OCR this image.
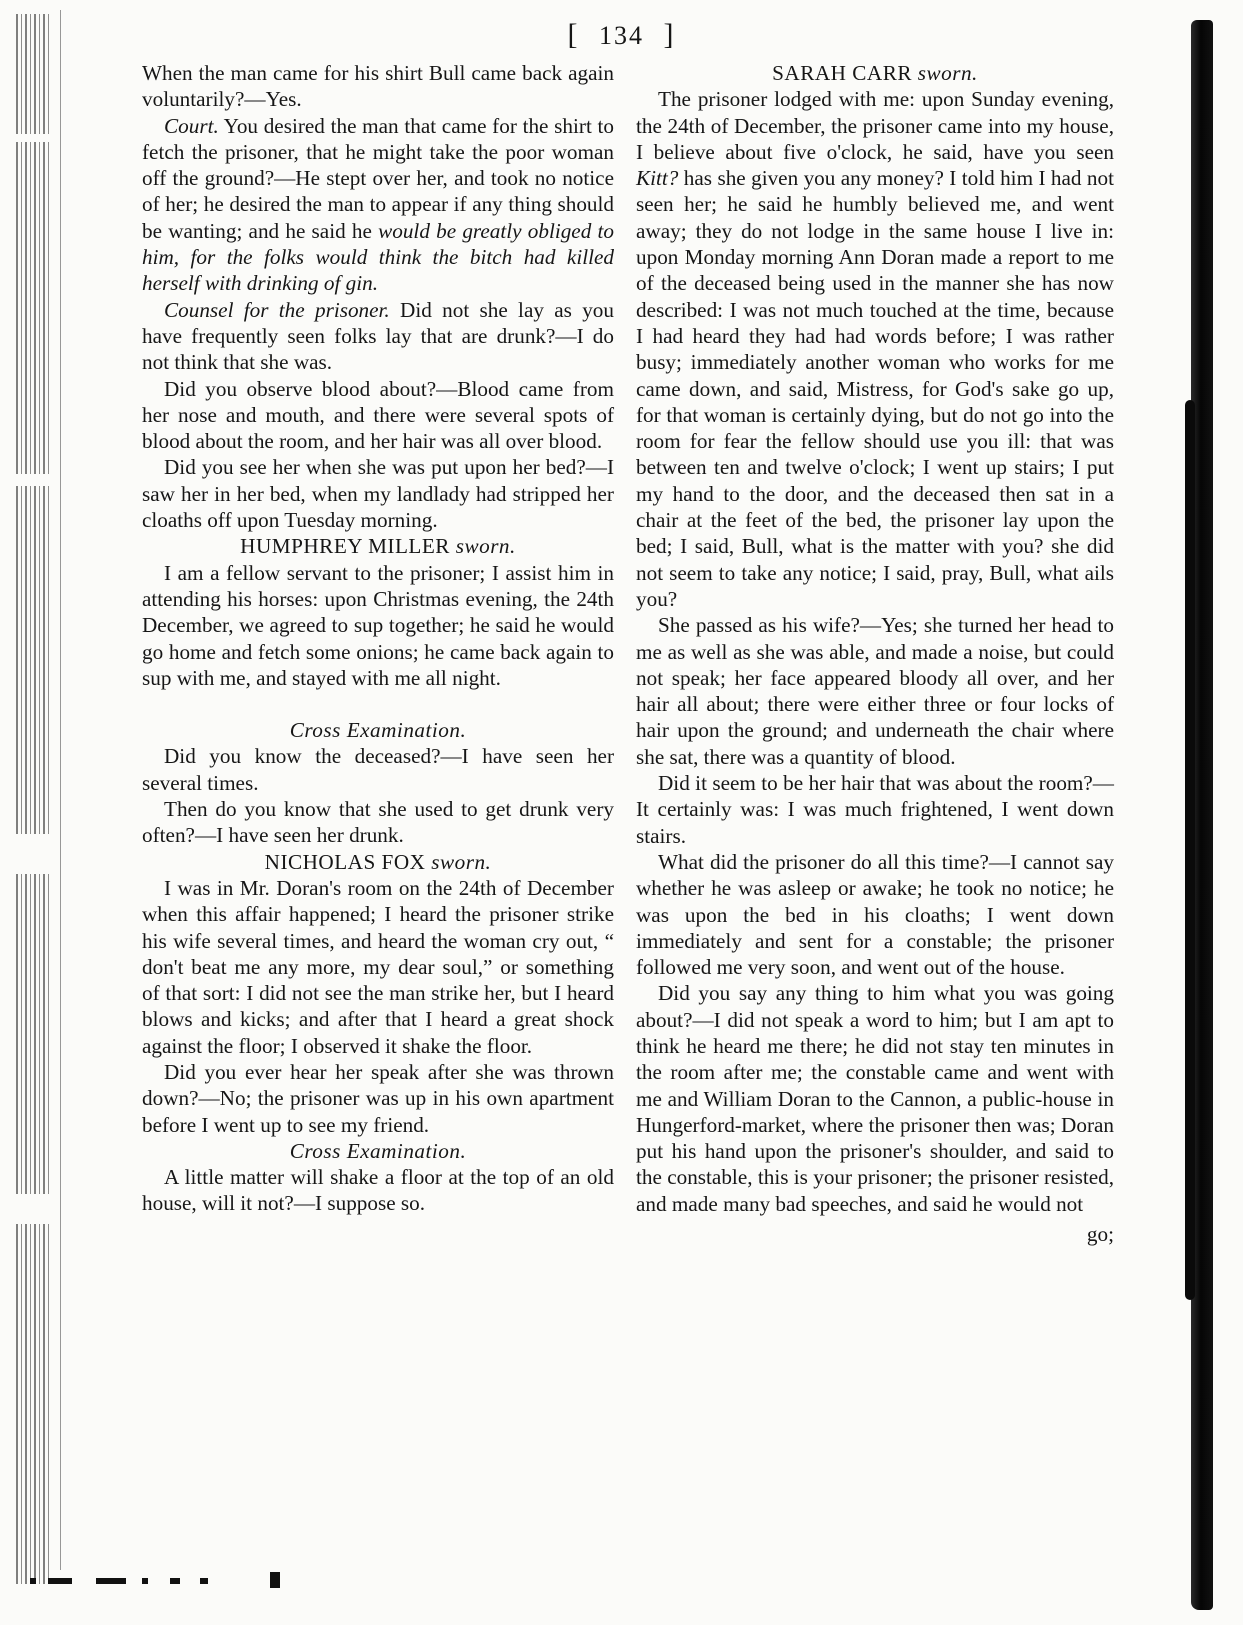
[ 134 ]

When the man came for his shirt Bull came back again voluntarily?—Yes.

Court. You desired the man that came for the shirt to fetch the prisoner, that he might take the poor woman off the ground?—He stept over her, and took no notice of her; he desired the man to appear if any thing should be wanting; and he said he would be greatly obliged to him, for the folks would think the bitch had killed herself with drinking of gin.

Counsel for the prisoner. Did not she lay as you have frequently seen folks lay that are drunk?—I do not think that she was.

Did you observe blood about?—Blood came from her nose and mouth, and there were several spots of blood about the room, and her hair was all over blood.

Did you see her when she was put upon her bed?—I saw her in her bed, when my landlady had stripped her cloaths off upon Tuesday morning.

HUMPHREY MILLER sworn.

I am a fellow servant to the prisoner; I assist him in attending his horses: upon Christmas evening, the 24th December, we agreed to sup together; he said he would go home and fetch some onions; he came back again to sup with me, and stayed with me all night.

Cross Examination.

Did you know the deceased?—I have seen her several times.

Then do you know that she used to get drunk very often?—I have seen her drunk.

NICHOLAS FOX sworn.

I was in Mr. Doran's room on the 24th of December when this affair happened; I heard the prisoner strike his wife several times, and heard the woman cry out, “ don't beat me any more, my dear soul,” or something of that sort: I did not see the man strike her, but I heard blows and kicks; and after that I heard a great shock against the floor; I observed it shake the floor.

Did you ever hear her speak after she was thrown down?—No; the prisoner was up in his own apartment before I went up to see my friend.

Cross Examination.

A little matter will shake a floor at the top of an old house, will it not?—I suppose so.

SARAH CARR sworn.

The prisoner lodged with me: upon Sunday evening, the 24th of December, the prisoner came into my house, I believe about five o'clock, he said, have you seen Kitt? has she given you any money? I told him I had not seen her; he said he humbly believed me, and went away; they do not lodge in the same house I live in: upon Monday morning Ann Doran made a report to me of the deceased being used in the manner she has now described: I was not much touched at the time, because I had heard they had had words before; I was rather busy; immediately another woman who works for me came down, and said, Mistress, for God's sake go up, for that woman is certainly dying, but do not go into the room for fear the fellow should use you ill: that was between ten and twelve o'clock; I went up stairs; I put my hand to the door, and the deceased then sat in a chair at the feet of the bed, the prisoner lay upon the bed; I said, Bull, what is the matter with you? she did not seem to take any notice; I said, pray, Bull, what ails you?

She passed as his wife?—Yes; she turned her head to me as well as she was able, and made a noise, but could not speak; her face appeared bloody all over, and her hair all about; there were either three or four locks of hair upon the ground; and underneath the chair where she sat, there was a quantity of blood.

Did it seem to be her hair that was about the room?—It certainly was: I was much frightened, I went down stairs.

What did the prisoner do all this time?—I cannot say whether he was asleep or awake; he took no notice; he was upon the bed in his cloaths; I went down immediately and sent for a constable; the prisoner followed me very soon, and went out of the house.

Did you say any thing to him what you was going about?—I did not speak a word to him; but I am apt to think he heard me there; he did not stay ten minutes in the room after me; the constable came and went with me and William Doran to the Cannon, a public-house in Hungerford-market, where the prisoner then was; Doran put his hand upon the prisoner's shoulder, and said to the constable, this is your prisoner; the prisoner resisted, and made many bad speeches, and said he would not

go;
